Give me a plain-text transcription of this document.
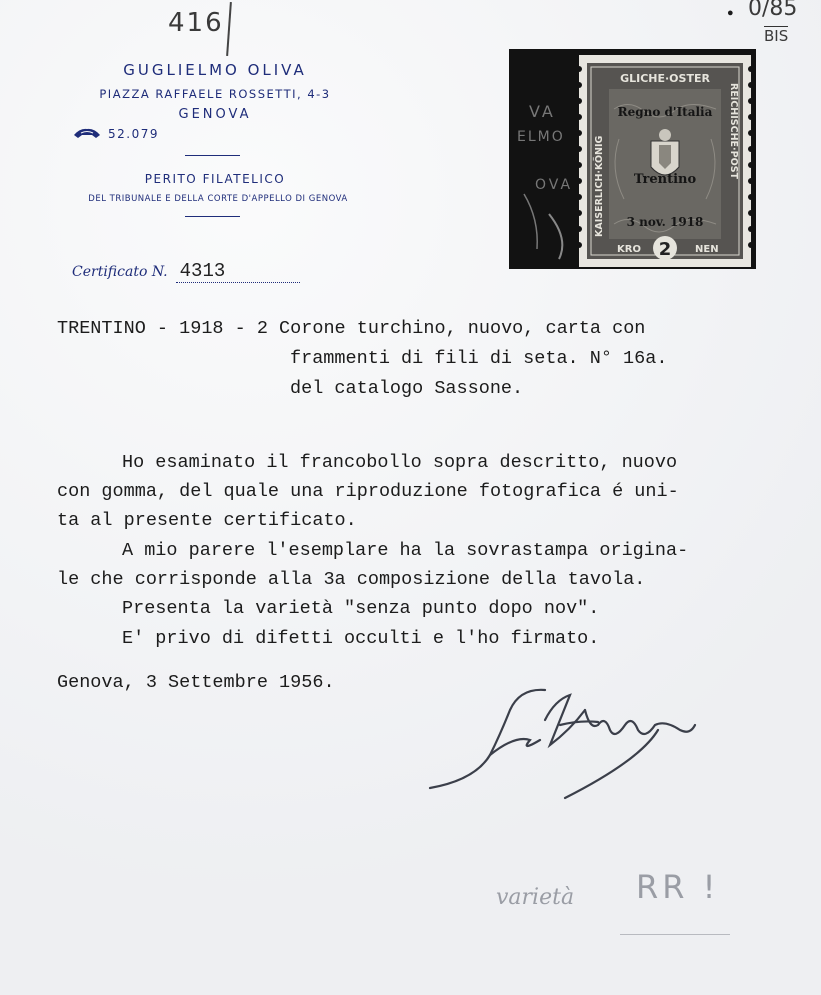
416	● 0/85
BIS
GUGLIELMO OLIVA
PIAZZA RAFFAELE ROSSETTI, 4-3
GENOVA
52.079
PERITO FILATELICO
DEL TRIBUNALE E DELLA CORTE D'APPELLO DI GENOVA
Certificato N. 4313
VA
ELMO
OVA
GLICHE·OSTER
KAISERLICH·KÖNIG
REICHISCHE·POST
Regno d'Italia
Trentino
3 nov. 1918
KRO	NEN
2
TRENTINO - 1918 - 2 Corone turchino, nuovo, carta con
frammenti di fili di seta. N° 16a.
del catalogo Sassone.
Ho esaminato il francobollo sopra descritto, nuovo
con gomma, del quale una riproduzione fotografica é uni-
ta al presente certificato.
A mio parere l'esemplare ha la sovrastampa origina-
le che corrisponde alla 3a composizione della tavola.
Presenta la varietà "senza punto dopo nov".
E' privo di difetti occulti e l'ho firmato.
Genova, 3 Settembre 1956.
varietà RR !
